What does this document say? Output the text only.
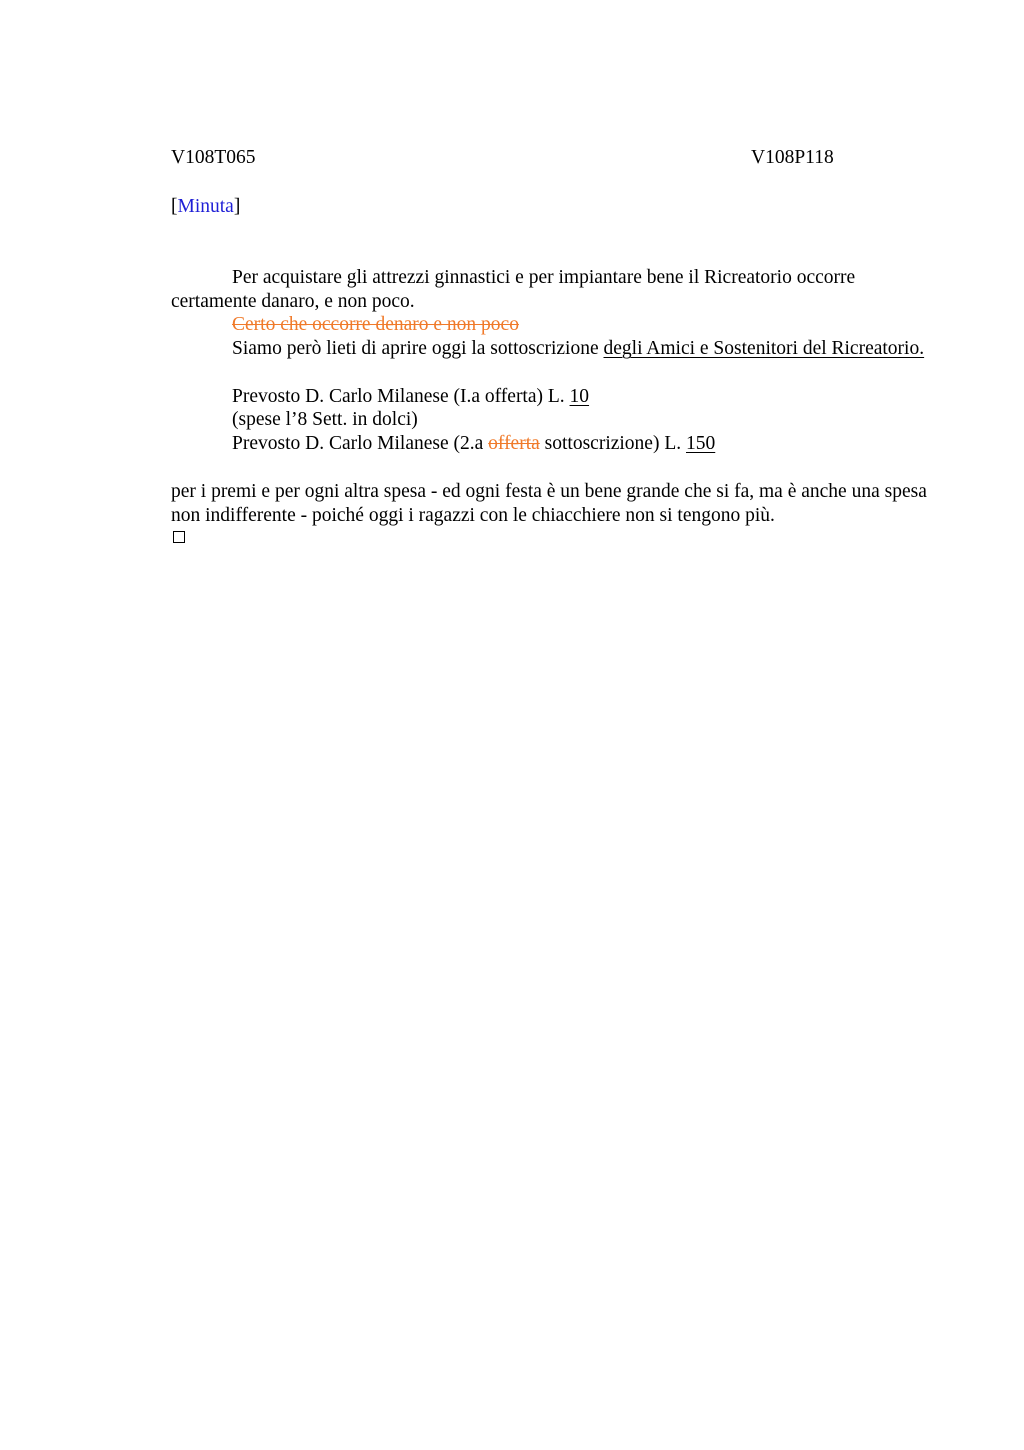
V108T065	V108P118
[Minuta]
Per acquistare gli attrezzi ginnastici e per impiantare bene il Ricreatorio occorre certamente danaro, e non poco.
Certo che occorre denaro e non poco
Siamo però lieti di aprire oggi la sottoscrizione degli Amici e Sostenitori del Ricreatorio.
Prevosto D. Carlo Milanese (I.a offerta) L. 10
(spese l’8 Sett. in dolci)
Prevosto D. Carlo Milanese (2.a offerta sottoscrizione) L. 150
per i premi e per ogni altra spesa - ed ogni festa è un bene grande che si fa, ma è anche una spesa non indifferente - poiché oggi i ragazzi con le chiacchiere non si tengono più.
